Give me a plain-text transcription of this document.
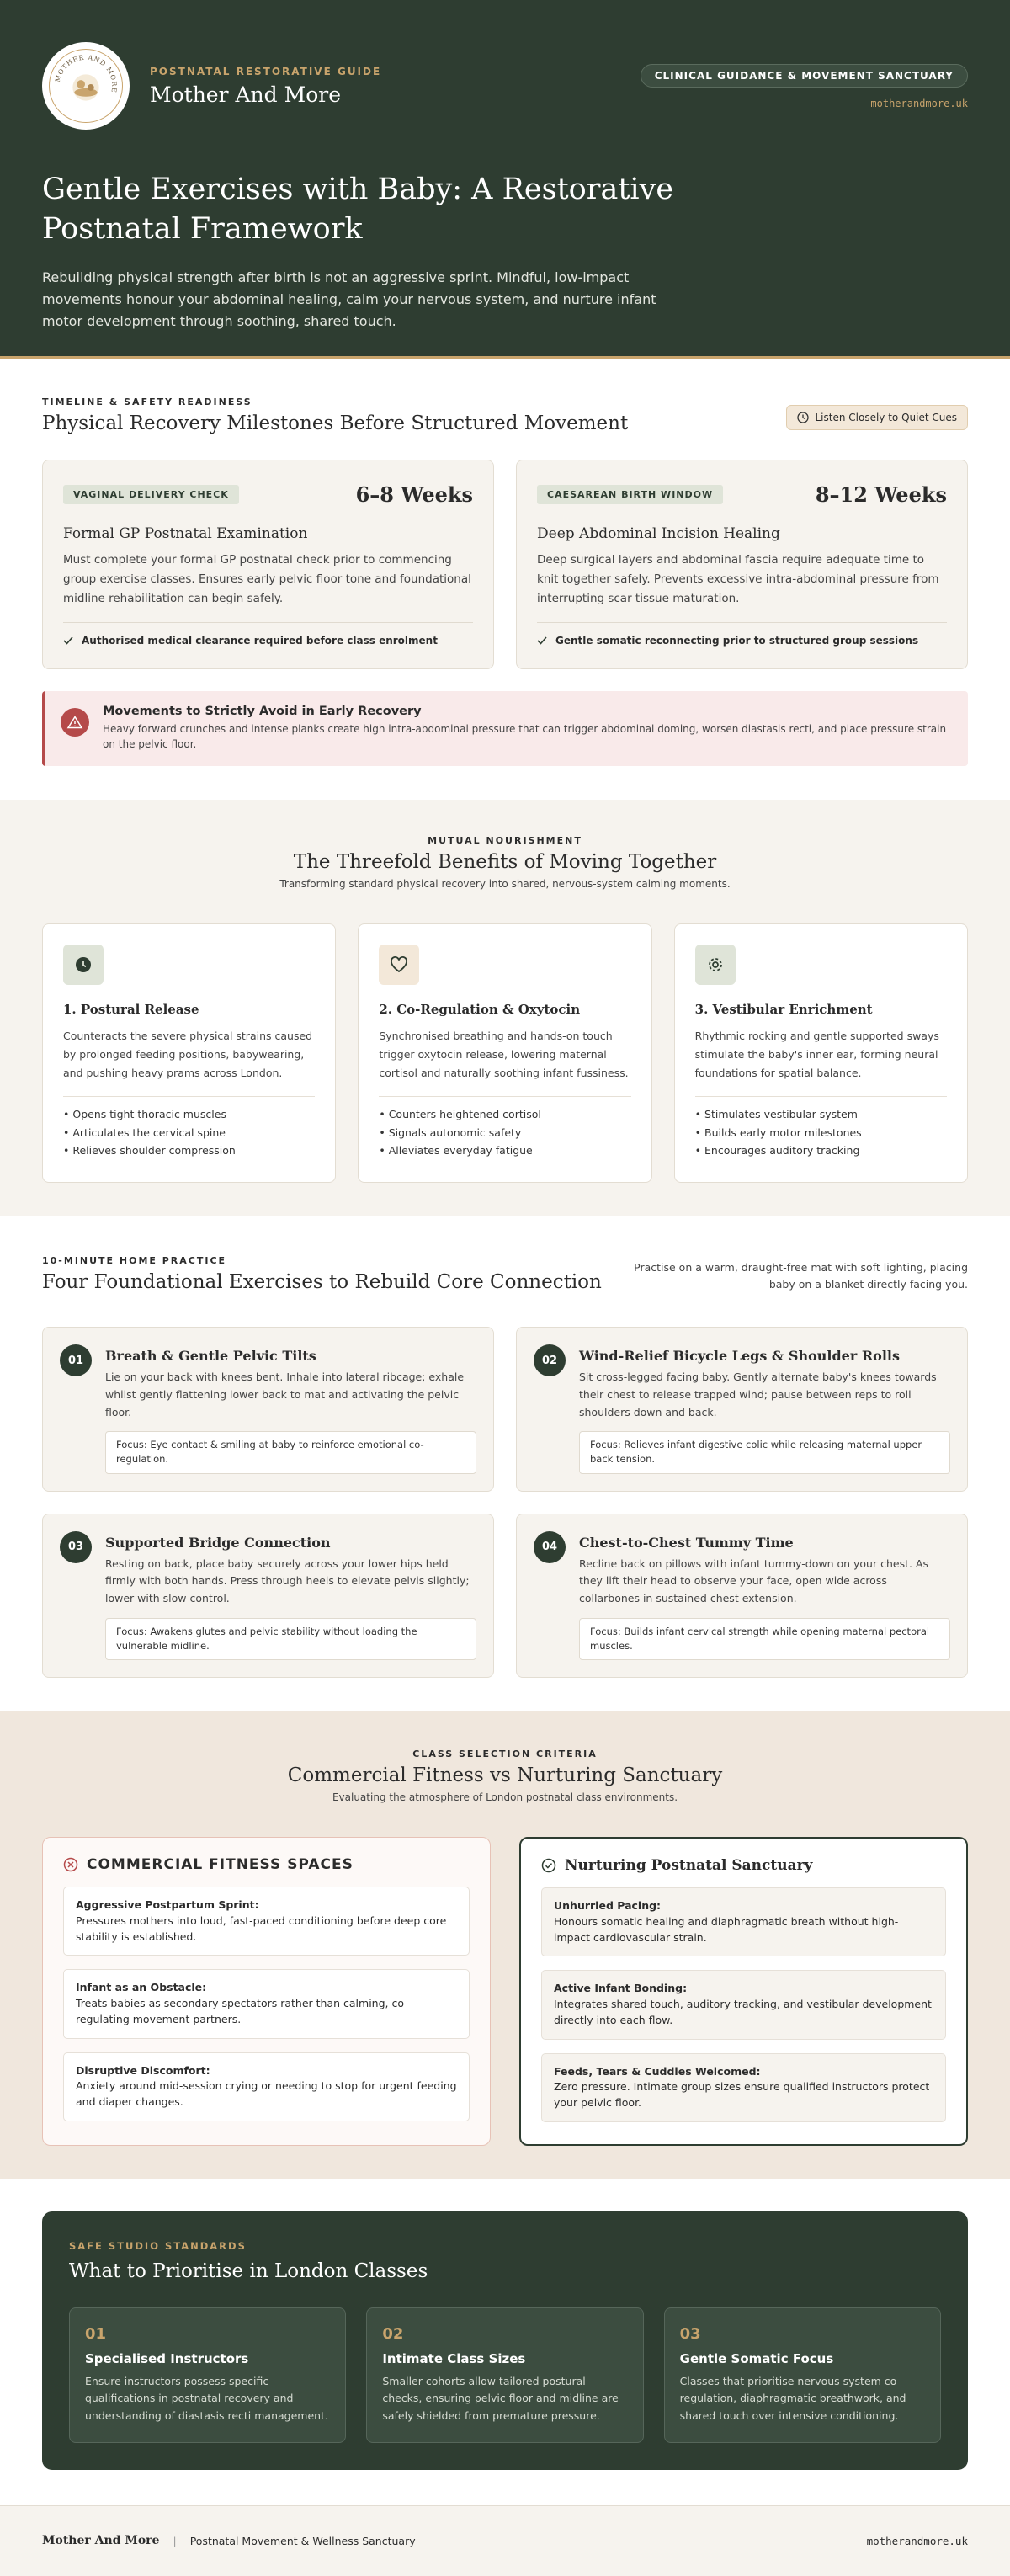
MOTHER AND MORE
POSTNATAL RESTORATIVE GUIDE
Mother And More
CLINICAL GUIDANCE & MOVEMENT SANCTUARY
motherandmore.uk
Gentle Exercises with Baby: A Restorative Postnatal Framework

Rebuilding physical strength after birth is not an aggressive sprint. Mindful, low-impact movements honour your abdominal healing, calm your nervous system, and nurture infant motor development through soothing, shared touch.

TIMELINE & SAFETY READINESS
Physical Recovery Milestones Before Structured Movement	Listen Closely to Quiet Cues
VAGINAL DELIVERY CHECK	6–8 Weeks
Formal GP Postnatal Examination

Must complete your formal GP postnatal check prior to commencing group exercise classes. Ensures early pelvic floor tone and foundational midline rehabilitation can begin safely.

Authorised medical clearance required before class enrolment
CAESAREAN BIRTH WINDOW	8–12 Weeks
Deep Abdominal Incision Healing

Deep surgical layers and abdominal fascia require adequate time to knit together safely. Prevents excessive intra-abdominal pressure from interrupting scar tissue maturation.

Gentle somatic reconnecting prior to structured group sessions
Movements to Strictly Avoid in Early Recovery

Heavy forward crunches and intense planks create high intra-abdominal pressure that can trigger abdominal doming, worsen diastasis recti, and place pressure strain on the pelvic floor.

MUTUAL NOURISHMENT
The Threefold Benefits of Moving Together
Transforming standard physical recovery into shared, nervous-system calming moments.
1. Postural Release

Counteracts the severe physical strains caused by prolonged feeding positions, babywearing, and pushing heavy prams across London.

• Opens tight thoracic muscles
• Articulates the cervical spine
• Relieves shoulder compression
2. Co-Regulation & Oxytocin

Synchronised breathing and hands-on touch trigger oxytocin release, lowering maternal cortisol and naturally soothing infant fussiness.

• Counters heightened cortisol
• Signals autonomic safety
• Alleviates everyday fatigue
3. Vestibular Enrichment

Rhythmic rocking and gentle supported sways stimulate the baby's inner ear, forming neural foundations for spatial balance.

• Stimulates vestibular system
• Builds early motor milestones
• Encourages auditory tracking
10-MINUTE HOME PRACTICE
Four Foundational Exercises to Rebuild Core Connection
Practise on a warm, draught-free mat with soft lighting, placing baby on a blanket directly facing you.
01	Breath & Gentle Pelvic Tilts

Lie on your back with knees bent. Inhale into lateral ribcage; exhale whilst gently flattening lower back to mat and activating the pelvic floor.

Focus: Eye contact & smiling at baby to reinforce emotional co-regulation.
02	Wind-Relief Bicycle Legs & Shoulder Rolls

Sit cross-legged facing baby. Gently alternate baby's knees towards their chest to release trapped wind; pause between reps to roll shoulders down and back.

Focus: Relieves infant digestive colic while releasing maternal upper back tension.
03	Supported Bridge Connection

Resting on back, place baby securely across your lower hips held firmly with both hands. Press through heels to elevate pelvis slightly; lower with slow control.

Focus: Awakens glutes and pelvic stability without loading the vulnerable midline.
04	Chest-to-Chest Tummy Time

Recline back on pillows with infant tummy-down on your chest. As they lift their head to observe your face, open wide across collarbones in sustained chest extension.

Focus: Builds infant cervical strength while opening maternal pectoral muscles.
CLASS SELECTION CRITERIA
Commercial Fitness vs Nurturing Sanctuary
Evaluating the atmosphere of London postnatal class environments.
COMMERCIAL FITNESS SPACES
Aggressive Postpartum Sprint:
Pressures mothers into loud, fast-paced conditioning before deep core stability is established.
Infant as an Obstacle:
Treats babies as secondary spectators rather than calming, co-regulating movement partners.
Disruptive Discomfort:
Anxiety around mid-session crying or needing to stop for urgent feeding and diaper changes.
Nurturing Postnatal Sanctuary
Unhurried Pacing:
Honours somatic healing and diaphragmatic breath without high-impact cardiovascular strain.
Active Infant Bonding:
Integrates shared touch, auditory tracking, and vestibular development directly into each flow.
Feeds, Tears & Cuddles Welcomed:
Zero pressure. Intimate group sizes ensure qualified instructors protect your pelvic floor.
SAFE STUDIO STANDARDS
What to Prioritise in London Classes
01
Specialised Instructors

Ensure instructors possess specific qualifications in postnatal recovery and understanding of diastasis recti management.

02
Intimate Class Sizes

Smaller cohorts allow tailored postural checks, ensuring pelvic floor and midline are safely shielded from premature pressure.

03
Gentle Somatic Focus

Classes that prioritise nervous system co-regulation, diaphragmatic breathwork, and shared touch over intensive conditioning.

Mother And More | Postnatal Movement & Wellness Sanctuary	motherandmore.uk
